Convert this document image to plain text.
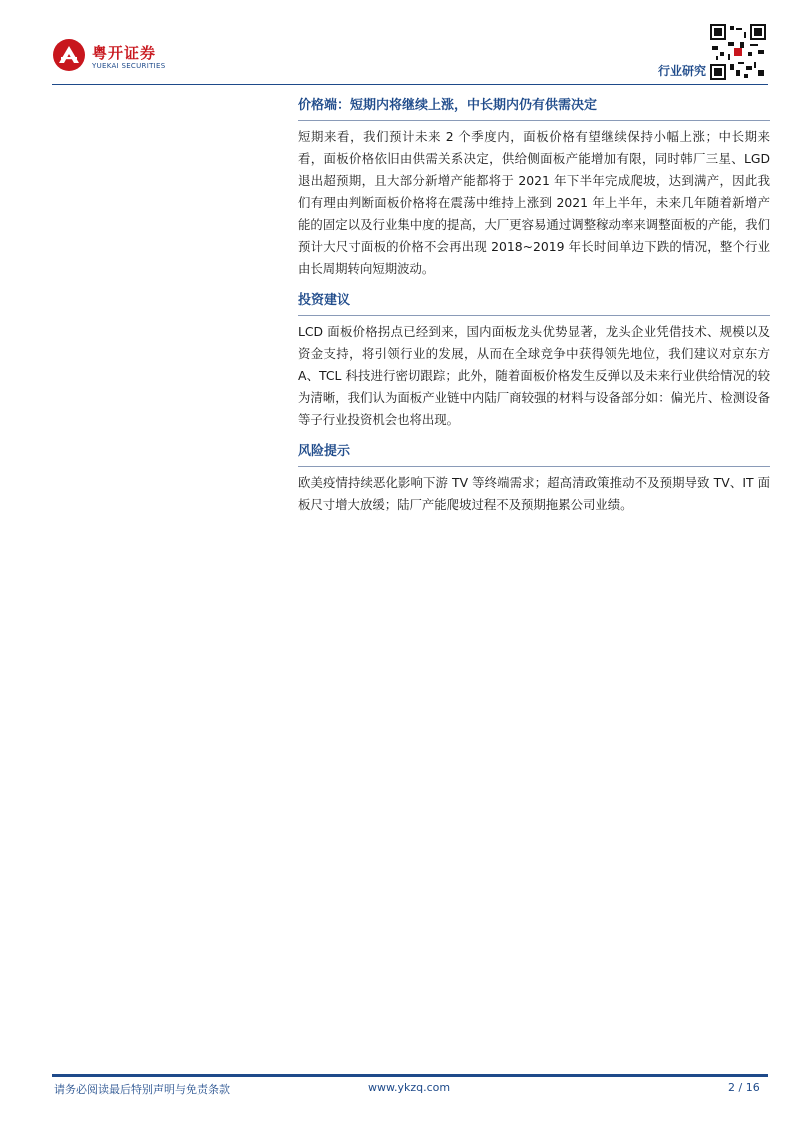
粤开证券
YUEKAI SECURITIES	行业研究
价格端：短期内将继续上涨，中长期内仍有供需决定
短期来看，我们预计未来 2 个季度内，面板价格有望继续保持小幅上涨；中长期来看，面板价格依旧由供需关系决定，供给侧面板产能增加有限，同时韩厂三星、LGD 退出超预期，且大部分新增产能都将于 2021 年下半年完成爬坡，达到满产，因此我们有理由判断面板价格将在震荡中维持上涨到 2021 年上半年，未来几年随着新增产能的固定以及行业集中度的提高，大厂更容易通过调整稼动率来调整面板的产能，我们预计大尺寸面板的价格不会再出现 2018~2019 年长时间单边下跌的情况，整个行业由长周期转向短期波动。
投资建议
LCD 面板价格拐点已经到来，国内面板龙头优势显著，龙头企业凭借技术、规模以及资金支持，将引领行业的发展，从而在全球竞争中获得领先地位，我们建议对京东方 A、TCL 科技进行密切跟踪；此外，随着面板价格发生反弹以及未来行业供给情况的较为清晰，我们认为面板产业链中内陆厂商较强的材料与设备部分如：偏光片、检测设备等子行业投资机会也将出现。
风险提示
欧美疫情持续恶化影响下游 TV 等终端需求；超高清政策推动不及预期导致 TV、IT 面板尺寸增大放缓；陆厂产能爬坡过程不及预期拖累公司业绩。
请务必阅读最后特别声明与免责条款	www.ykzq.com	2 / 16
